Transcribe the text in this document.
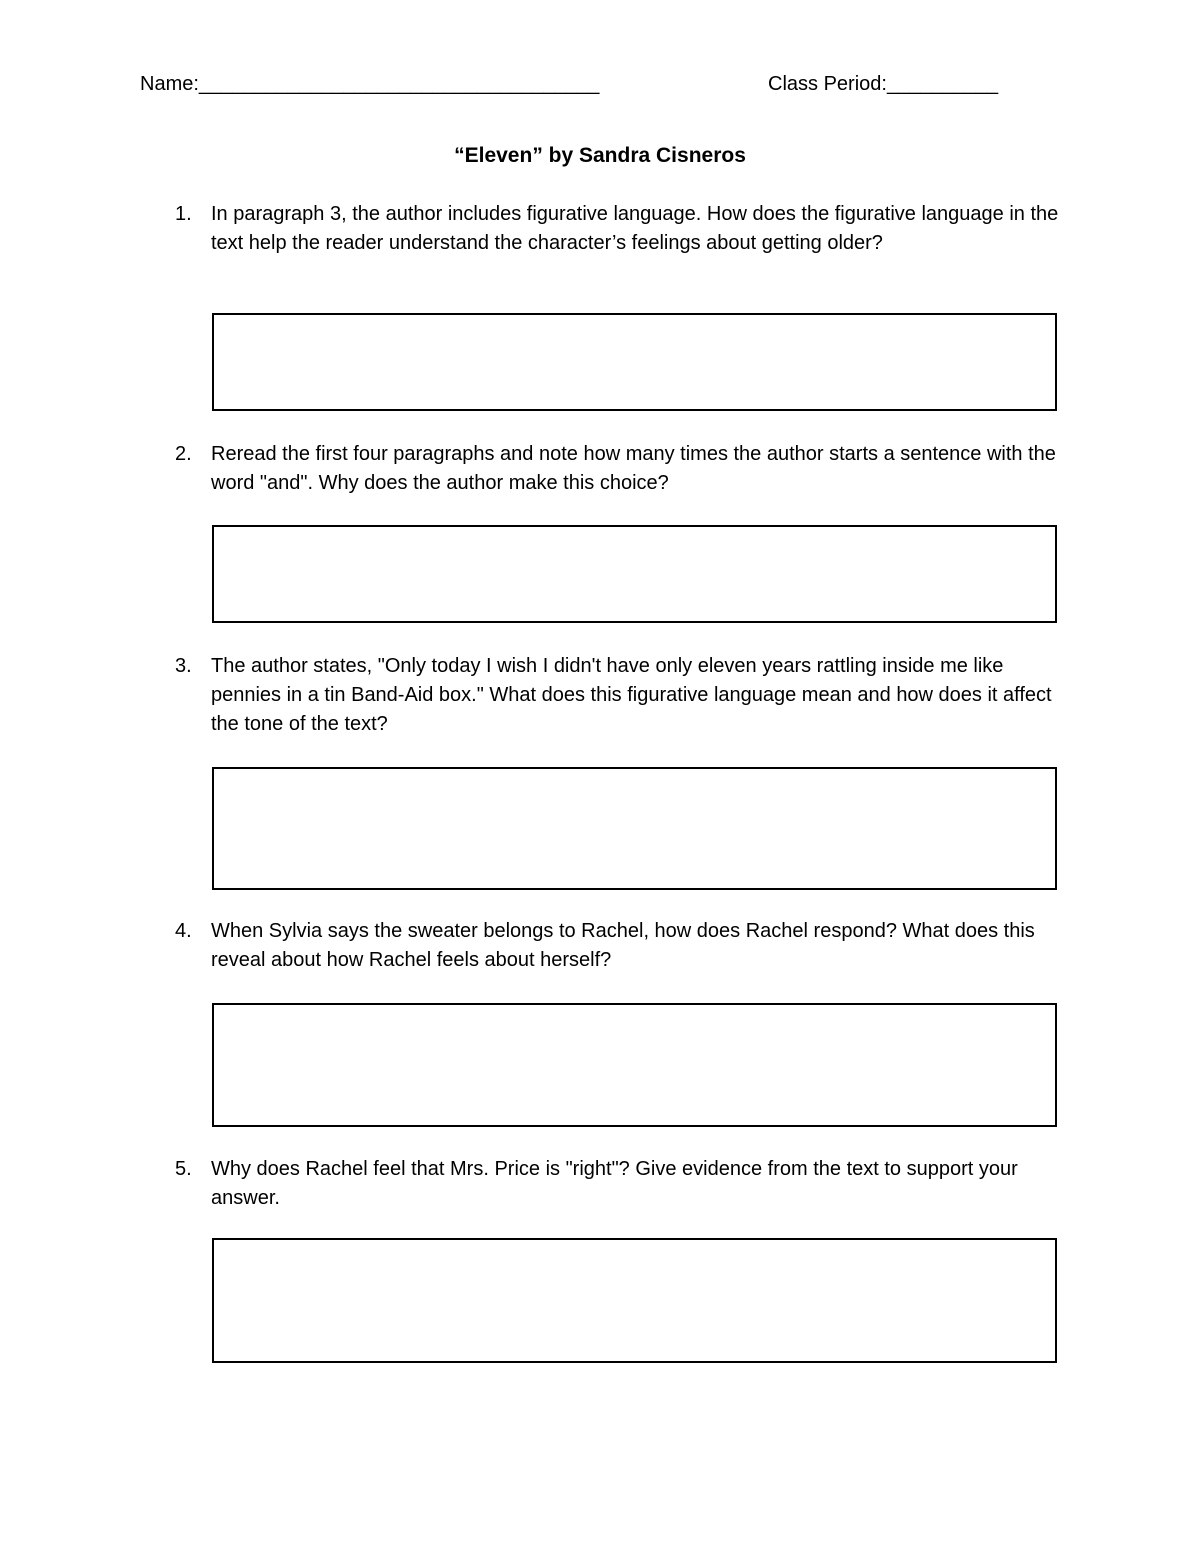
Name:____________________________________	Class Period:__________
“Eleven” by Sandra Cisneros
1. In paragraph 3, the author includes figurative language. How does the figurative language in the text help the reader understand the character’s feelings about getting older?
2. Reread the first four paragraphs and note how many times the author starts a sentence with the word "and". Why does the author make this choice?
3. The author states, "Only today I wish I didn't have only eleven years rattling inside me like pennies in a tin Band-Aid box." What does this figurative language mean and how does it affect the tone of the text?
4. When Sylvia says the sweater belongs to Rachel, how does Rachel respond? What does this reveal about how Rachel feels about herself?
5. Why does Rachel feel that Mrs. Price is "right"? Give evidence from the text to support your answer.
